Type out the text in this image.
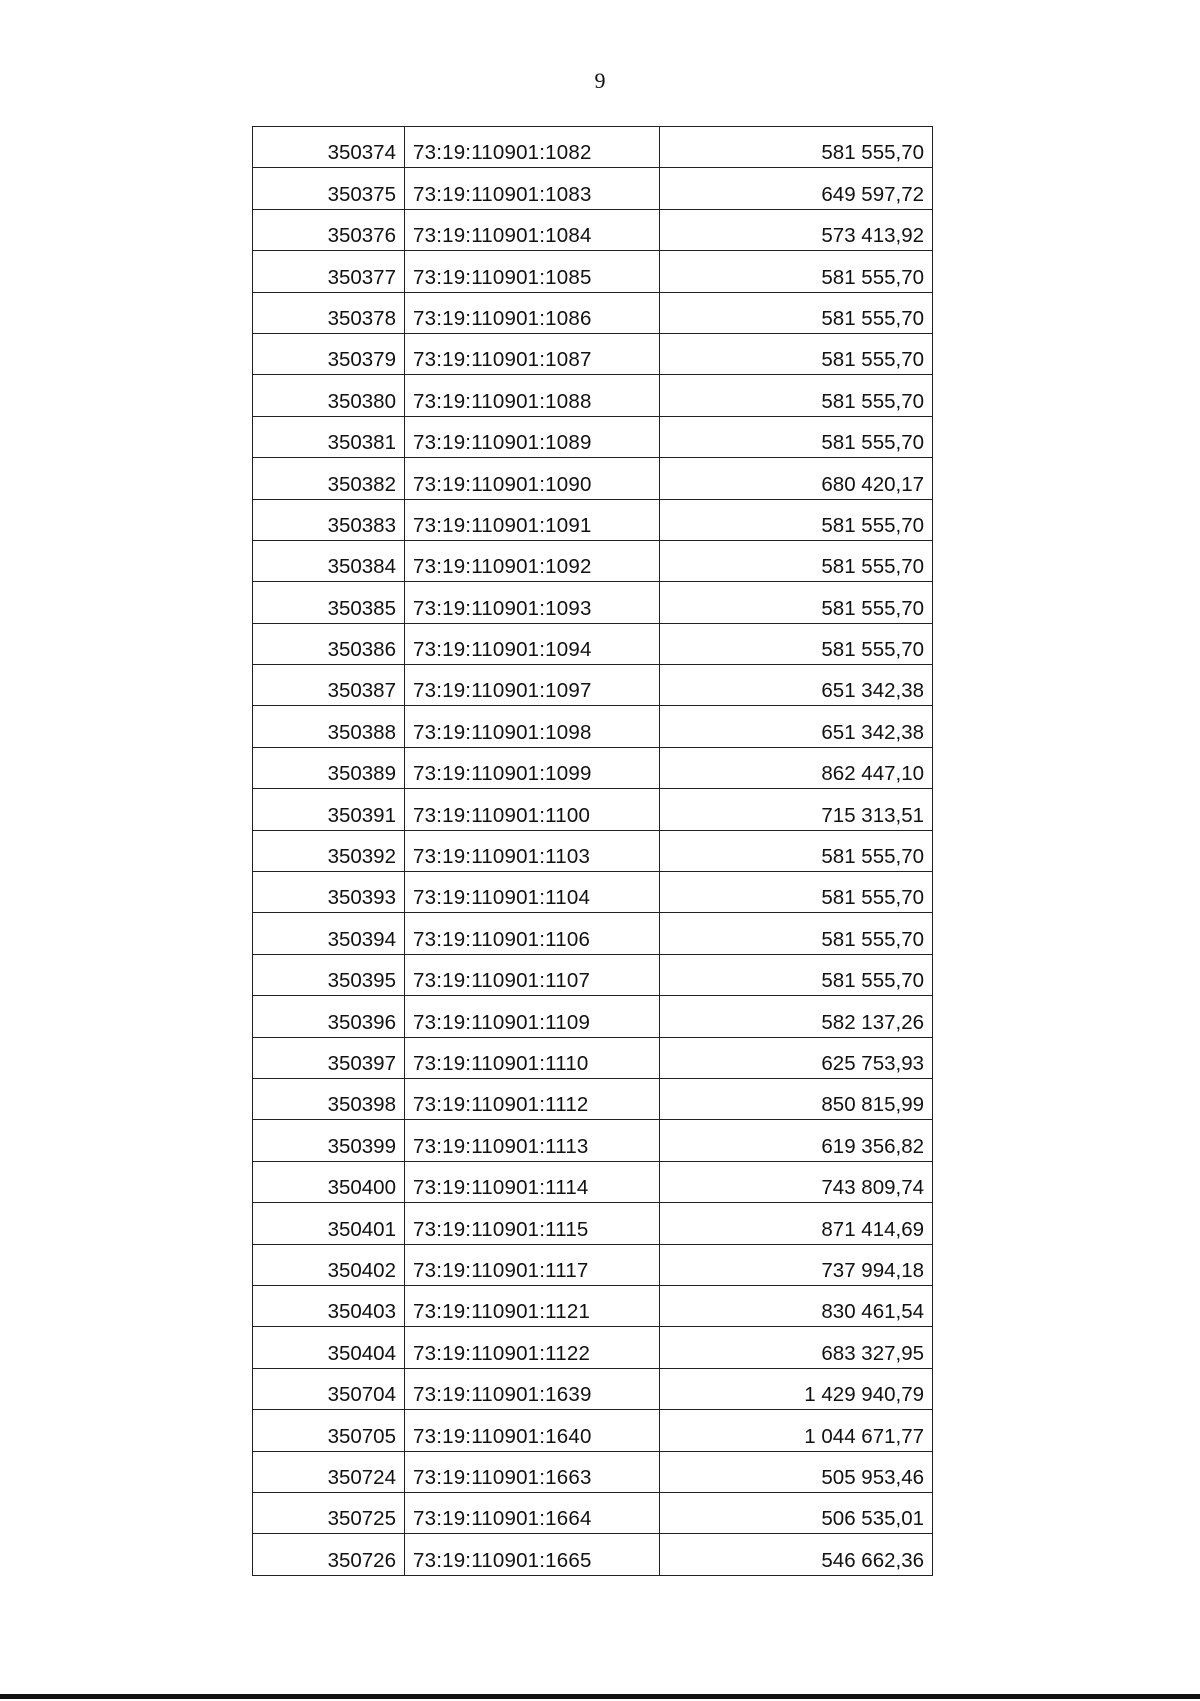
9
350374	73:19:110901:1082	581 555,70
350375	73:19:110901:1083	649 597,72
350376	73:19:110901:1084	573 413,92
350377	73:19:110901:1085	581 555,70
350378	73:19:110901:1086	581 555,70
350379	73:19:110901:1087	581 555,70
350380	73:19:110901:1088	581 555,70
350381	73:19:110901:1089	581 555,70
350382	73:19:110901:1090	680 420,17
350383	73:19:110901:1091	581 555,70
350384	73:19:110901:1092	581 555,70
350385	73:19:110901:1093	581 555,70
350386	73:19:110901:1094	581 555,70
350387	73:19:110901:1097	651 342,38
350388	73:19:110901:1098	651 342,38
350389	73:19:110901:1099	862 447,10
350391	73:19:110901:1100	715 313,51
350392	73:19:110901:1103	581 555,70
350393	73:19:110901:1104	581 555,70
350394	73:19:110901:1106	581 555,70
350395	73:19:110901:1107	581 555,70
350396	73:19:110901:1109	582 137,26
350397	73:19:110901:1110	625 753,93
350398	73:19:110901:1112	850 815,99
350399	73:19:110901:1113	619 356,82
350400	73:19:110901:1114	743 809,74
350401	73:19:110901:1115	871 414,69
350402	73:19:110901:1117	737 994,18
350403	73:19:110901:1121	830 461,54
350404	73:19:110901:1122	683 327,95
350704	73:19:110901:1639	1 429 940,79
350705	73:19:110901:1640	1 044 671,77
350724	73:19:110901:1663	505 953,46
350725	73:19:110901:1664	506 535,01
350726	73:19:110901:1665	546 662,36
